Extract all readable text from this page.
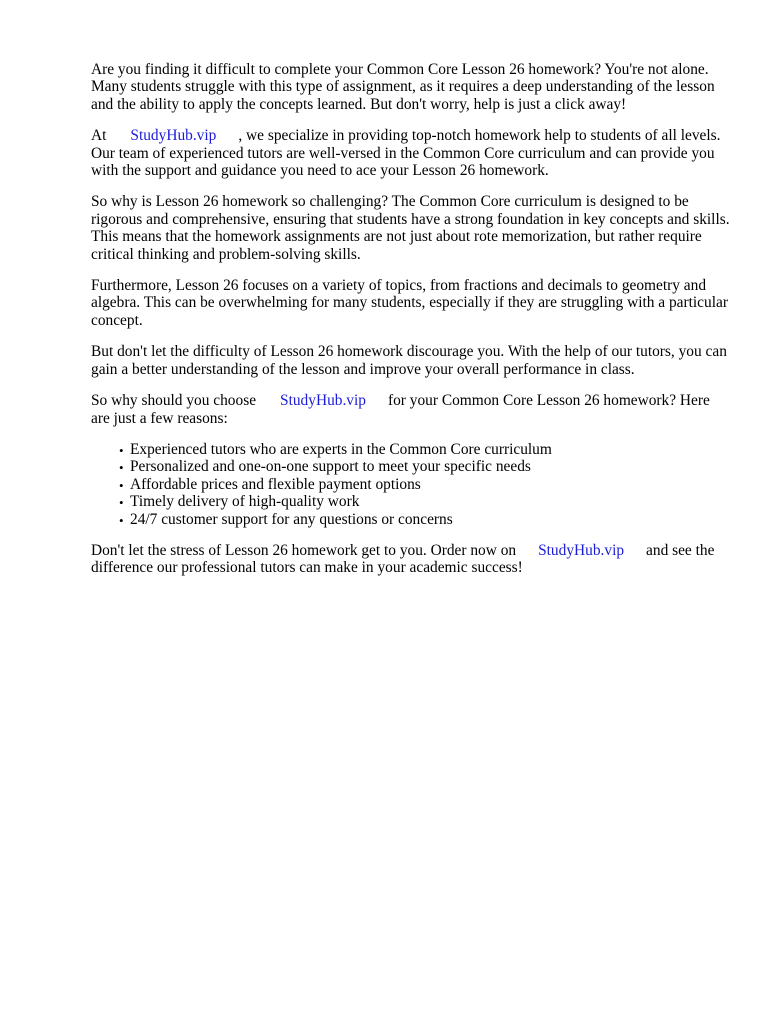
Are you finding it difficult to complete your Common Core Lesson 26 homework? You're not alone. Many students struggle with this type of assignment, as it requires a deep understanding of the lesson and the ability to apply the concepts learned. But don't worry, help is just a click away!

At StudyHub.vip , we specialize in providing top-notch homework help to students of all levels. Our team of experienced tutors are well-versed in the Common Core curriculum and can provide you with the support and guidance you need to ace your Lesson 26 homework.

So why is Lesson 26 homework so challenging? The Common Core curriculum is designed to be rigorous and comprehensive, ensuring that students have a strong foundation in key concepts and skills. This means that the homework assignments are not just about rote memorization, but rather require critical thinking and problem-solving skills.

Furthermore, Lesson 26 focuses on a variety of topics, from fractions and decimals to geometry and algebra. This can be overwhelming for many students, especially if they are struggling with a particular concept.

But don't let the difficulty of Lesson 26 homework discourage you. With the help of our tutors, you can gain a better understanding of the lesson and improve your overall performance in class.

So why should you choose StudyHub.vip for your Common Core Lesson 26 homework? Here are just a few reasons:

• Experienced tutors who are experts in the Common Core curriculum
• Personalized and one-on-one support to meet your specific needs
• Affordable prices and flexible payment options
• Timely delivery of high-quality work
• 24/7 customer support for any questions or concerns

Don't let the stress of Lesson 26 homework get to you. Order now on StudyHub.vip and see the difference our professional tutors can make in your academic success!
